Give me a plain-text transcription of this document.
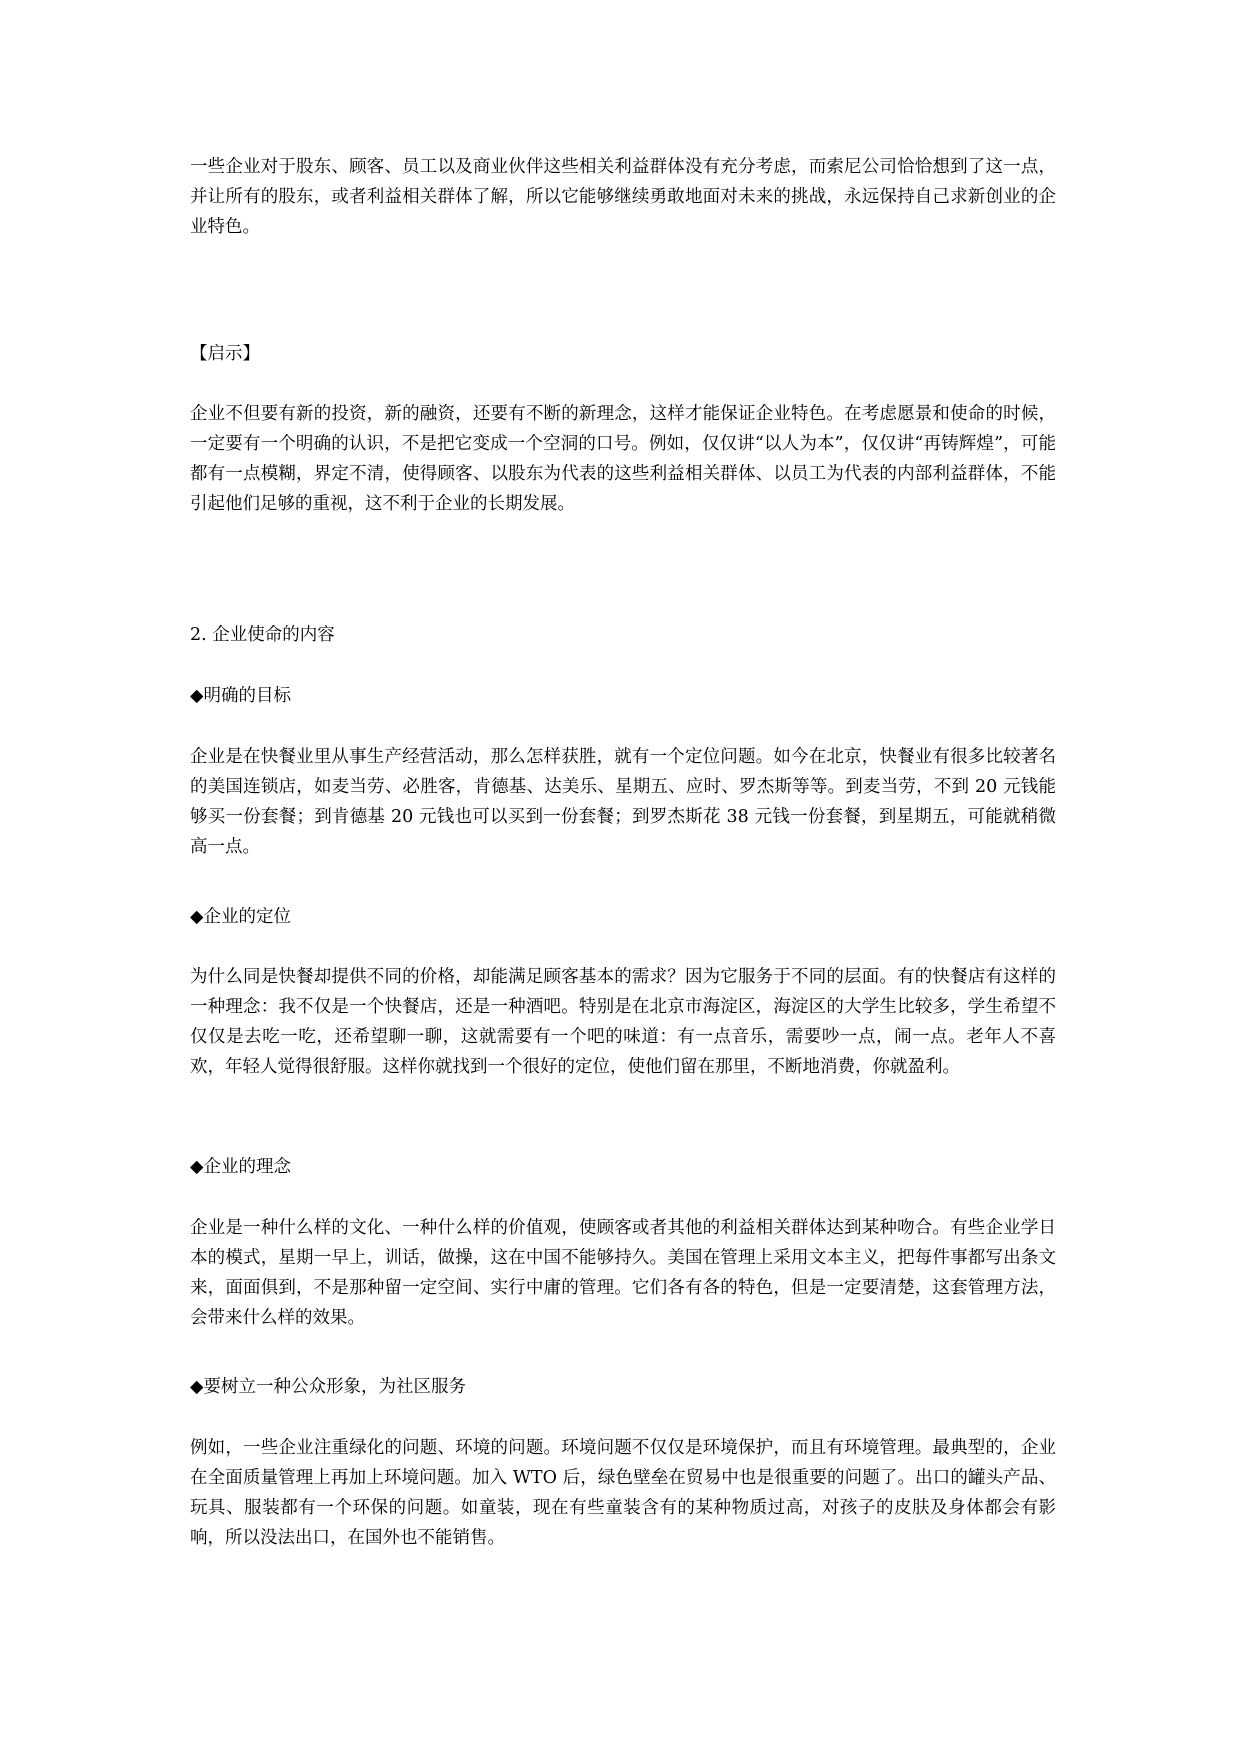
一些企业对于股东、顾客、员工以及商业伙伴这些相关利益群体没有充分考虑，而索尼公司恰恰想到了这一点，并让所有的股东，或者利益相关群体了解，所以它能够继续勇敢地面对未来的挑战，永远保持自己求新创业的企业特色。

【启示】

企业不但要有新的投资，新的融资，还要有不断的新理念，这样才能保证企业特色。在考虑愿景和使命的时候，一定要有一个明确的认识，不是把它变成一个空洞的口号。例如，仅仅讲“以人为本”，仅仅讲“再铸辉煌”，可能都有一点模糊，界定不清，使得顾客、以股东为代表的这些利益相关群体、以员工为代表的内部利益群体，不能引起他们足够的重视，这不利于企业的长期发展。

2. 企业使命的内容

◆明确的目标

企业是在快餐业里从事生产经营活动，那么怎样获胜，就有一个定位问题。如今在北京，快餐业有很多比较著名的美国连锁店，如麦当劳、必胜客，肯德基、达美乐、星期五、应时、罗杰斯等等。到麦当劳，不到 20 元钱能够买一份套餐；到肯德基 20 元钱也可以买到一份套餐；到罗杰斯花 38 元钱一份套餐，到星期五，可能就稍微高一点。

◆企业的定位

为什么同是快餐却提供不同的价格，却能满足顾客基本的需求？因为它服务于不同的层面。有的快餐店有这样的一种理念：我不仅是一个快餐店，还是一种酒吧。特别是在北京市海淀区，海淀区的大学生比较多，学生希望不仅仅是去吃一吃，还希望聊一聊，这就需要有一个吧的味道：有一点音乐，需要吵一点，闹一点。老年人不喜欢，年轻人觉得很舒服。这样你就找到一个很好的定位，使他们留在那里，不断地消费，你就盈利。

◆企业的理念

企业是一种什么样的文化、一种什么样的价值观，使顾客或者其他的利益相关群体达到某种吻合。有些企业学日本的模式，星期一早上，训话，做操，这在中国不能够持久。美国在管理上采用文本主义，把每件事都写出条文来，面面俱到，不是那种留一定空间、实行中庸的管理。它们各有各的特色，但是一定要清楚，这套管理方法，会带来什么样的效果。

◆要树立一种公众形象，为社区服务

例如，一些企业注重绿化的问题、环境的问题。环境问题不仅仅是环境保护，而且有环境管理。最典型的，企业在全面质量管理上再加上环境问题。加入 WTO 后，绿色壁垒在贸易中也是很重要的问题了。出口的罐头产品、玩具、服装都有一个环保的问题。如童装，现在有些童装含有的某种物质过高，对孩子的皮肤及身体都会有影响，所以没法出口，在国外也不能销售。
